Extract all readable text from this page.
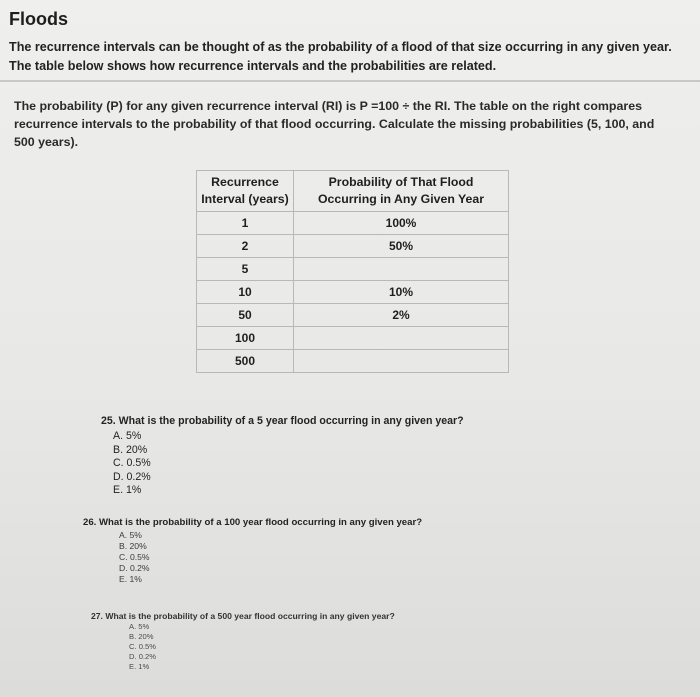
Floods
The recurrence intervals can be thought of as the probability of a flood of that size occurring in any given year.
The table below shows how recurrence intervals and the probabilities are related.
The probability (P) for any given recurrence interval (RI) is P =100 ÷ the RI. The table on the right compares recurrence intervals to the probability of that flood occurring. Calculate the missing probabilities (5, 100, and 500 years).
Recurrence
Interval (years)	Probability of That Flood
Occurring in Any Given Year
1	100%
2	50%
5	
10	10%
50	2%
100	
500	
25. What is the probability of a 5 year flood occurring in any given year?
A. 5%
B. 20%
C. 0.5%
D. 0.2%
E. 1%
26. What is the probability of a 100 year flood occurring in any given year?
A. 5%
B. 20%
C. 0.5%
D. 0.2%
E. 1%
27. What is the probability of a 500 year flood occurring in any given year?
A. 5%
B. 20%
C. 0.5%
D. 0.2%
E. 1%
